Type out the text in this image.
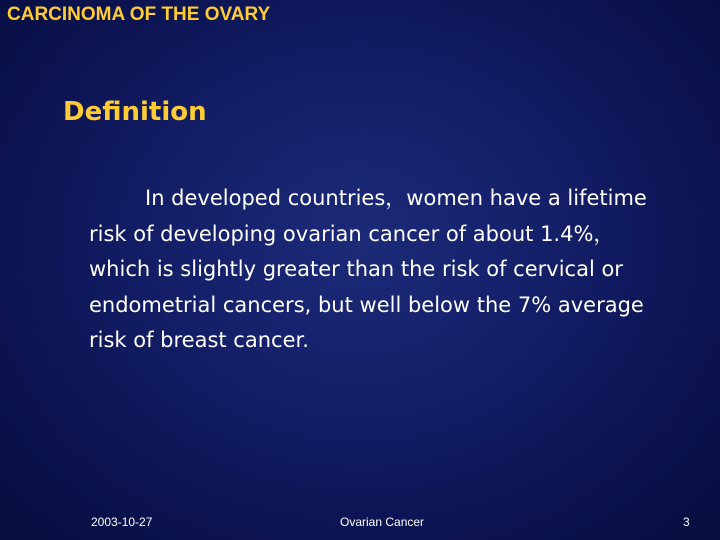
CARCINOMA OF THE OVARY
Definition

In developed countries，women have a lifetime risk of developing ovarian cancer of about 1.4%，which is slightly greater than the risk of cervical or endometrial cancers, but well below the 7% average risk of breast cancer.

2003-10-27	Ovarian Cancer	3
